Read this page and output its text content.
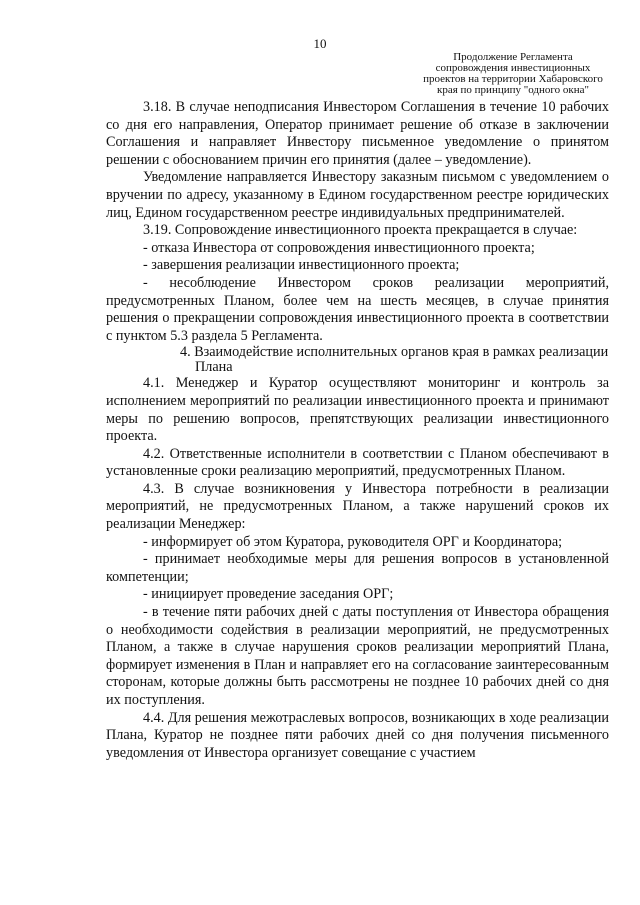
10
Продолжение Регламента
сопровождения инвестиционных
проектов на территории Хабаровского
края по принципу "одного окна"

3.18. В случае неподписания Инвестором Соглашения в течение 10 рабочих со дня его направления, Оператор принимает решение об отказе в заключении Соглашения и направляет Инвестору письменное уведомление о принятом решении с обоснованием причин его принятия (далее – уведомление).

Уведомление направляется Инвестору заказным письмом с уведомлением о вручении по адресу, указанному в Едином государственном реестре юридических лиц, Едином государственном реестре индивидуальных предпринимателей.

3.19. Сопровождение инвестиционного проекта прекращается в случае:

- отказа Инвестора от сопровождения инвестиционного проекта;

- завершения реализации инвестиционного проекта;

- несоблюдение Инвестором сроков реализации мероприятий, предусмотренных Планом, более чем на шесть месяцев, в случае принятия решения о прекращении сопровождения инвестиционного проекта в соответствии с пунктом 5.3 раздела 5 Регламента.

4. Взаимодействие исполнительных органов края в рамках реализации
Плана

4.1. Менеджер и Куратор осуществляют мониторинг и контроль за исполнением мероприятий по реализации инвестиционного проекта и принимают меры по решению вопросов, препятствующих реализации инвестиционного проекта.

4.2. Ответственные исполнители в соответствии с Планом обеспечивают в установленные сроки реализацию мероприятий, предусмотренных Планом.

4.3. В случае возникновения у Инвестора потребности в реализации мероприятий, не предусмотренных Планом, а также нарушений сроков их реализации Менеджер:

- информирует об этом Куратора, руководителя ОРГ и Координатора;

- принимает необходимые меры для решения вопросов в установленной компетенции;

- инициирует проведение заседания ОРГ;

- в течение пяти рабочих дней с даты поступления от Инвестора обращения о необходимости содействия в реализации мероприятий, не предусмотренных Планом, а также в случае нарушения сроков реализации мероприятий Плана, формирует изменения в План и направляет его на согласование заинтересованным сторонам, которые должны быть рассмотрены не позднее 10 рабочих дней со дня их поступления.

4.4. Для решения межотраслевых вопросов, возникающих в ходе реализации Плана, Куратор не позднее пяти рабочих дней со дня получения письменного уведомления от Инвестора организует совещание с участием
